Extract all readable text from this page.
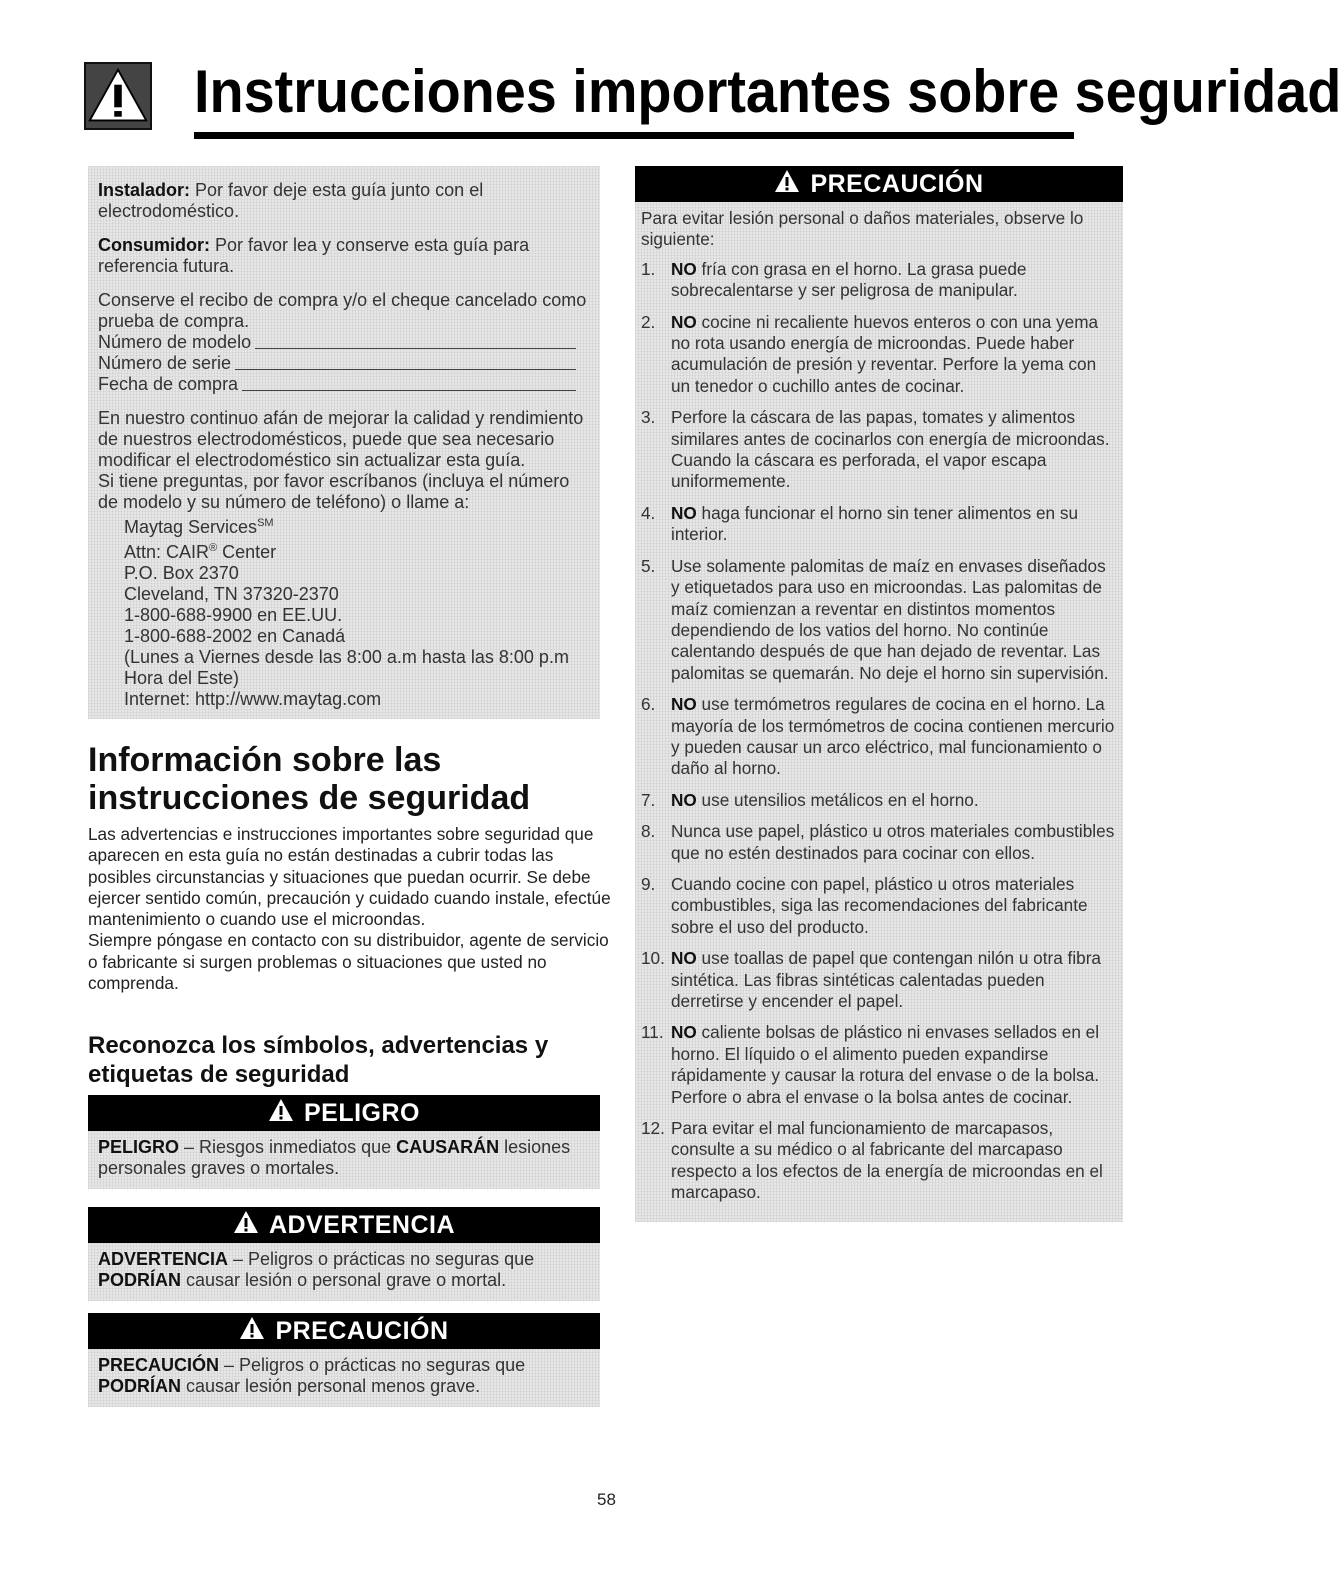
Instrucciones importantes sobre seguridad

Instalador: Por favor deje esta guía junto con el electrodoméstico.

Consumidor: Por favor lea y conserve esta guía para referencia futura.

Conserve el recibo de compra y/o el cheque cancelado como prueba de compra.

Número de modelo
Número de serie
Fecha de compra

En nuestro continuo afán de mejorar la calidad y rendimiento de nuestros electrodomésticos, puede que sea necesario modificar el electrodoméstico sin actualizar esta guía.

Si tiene preguntas, por favor escríbanos (incluya el número de modelo y su número de teléfono) o llame a:

Maytag Services℠
Attn: CAIR® Center
P.O. Box 2370
Cleveland, TN 37320-2370
1-800-688-9900 en EE.UU.
1-800-688-2002 en Canadá
(Lunes a Viernes desde las 8:00 a.m hasta las 8:00 p.m Hora del Este)
Internet: http://www.maytag.com
Información sobre las instrucciones de seguridad

Las advertencias e instrucciones importantes sobre seguridad que aparecen en esta guía no están destinadas a cubrir todas las posibles circunstancias y situaciones que puedan ocurrir. Se debe ejercer sentido común, precaución y cuidado cuando instale, efectúe mantenimiento o cuando use el microondas.

Siempre póngase en contacto con su distribuidor, agente de servicio o fabricante si surgen problemas o situaciones que usted no comprenda.

Reconozca los símbolos, advertencias y etiquetas de seguridad
PELIGRO
PELIGRO – Riesgos inmediatos que CAUSARÁN lesiones personales graves o mortales.
ADVERTENCIA
ADVERTENCIA – Peligros o prácticas no seguras que PODRÍAN causar lesión o personal grave o mortal.
PRECAUCIÓN
PRECAUCIÓN – Peligros o prácticas no seguras que PODRÍAN causar lesión personal menos grave.
PRECAUCIÓN

Para evitar lesión personal o daños materiales, observe lo siguiente:

1. NO fría con grasa en el horno. La grasa puede sobrecalentarse y ser peligrosa de manipular.
2. NO cocine ni recaliente huevos enteros o con una yema no rota usando energía de microondas. Puede haber acumulación de presión y reventar. Perfore la yema con un tenedor o cuchillo antes de cocinar.
3. Perfore la cáscara de las papas, tomates y alimentos similares antes de cocinarlos con energía de microondas. Cuando la cáscara es perforada, el vapor escapa uniformemente.
4. NO haga funcionar el horno sin tener alimentos en su interior.
5. Use solamente palomitas de maíz en envases diseñados y etiquetados para uso en microondas. Las palomitas de maíz comienzan a reventar en distintos momentos dependiendo de los vatios del horno. No continúe calentando después de que han dejado de reventar. Las palomitas se quemarán. No deje el horno sin supervisión.
6. NO use termómetros regulares de cocina en el horno. La mayoría de los termómetros de cocina contienen mercurio y pueden causar un arco eléctrico, mal funcionamiento o daño al horno.
7. NO use utensilios metálicos en el horno.
8. Nunca use papel, plástico u otros materiales combustibles que no estén destinados para cocinar con ellos.
9. Cuando cocine con papel, plástico u otros materiales combustibles, siga las recomendaciones del fabricante sobre el uso del producto.
10. NO use toallas de papel que contengan nilón u otra fibra sintética. Las fibras sintéticas calentadas pueden derretirse y encender el papel.
11. NO caliente bolsas de plástico ni envases sellados en el horno. El líquido o el alimento pueden expandirse rápidamente y causar la rotura del envase o de la bolsa. Perfore o abra el envase o la bolsa antes de cocinar.
12. Para evitar el mal funcionamiento de marcapasos, consulte a su médico o al fabricante del marcapaso respecto a los efectos de la energía de microondas en el marcapaso.

58
